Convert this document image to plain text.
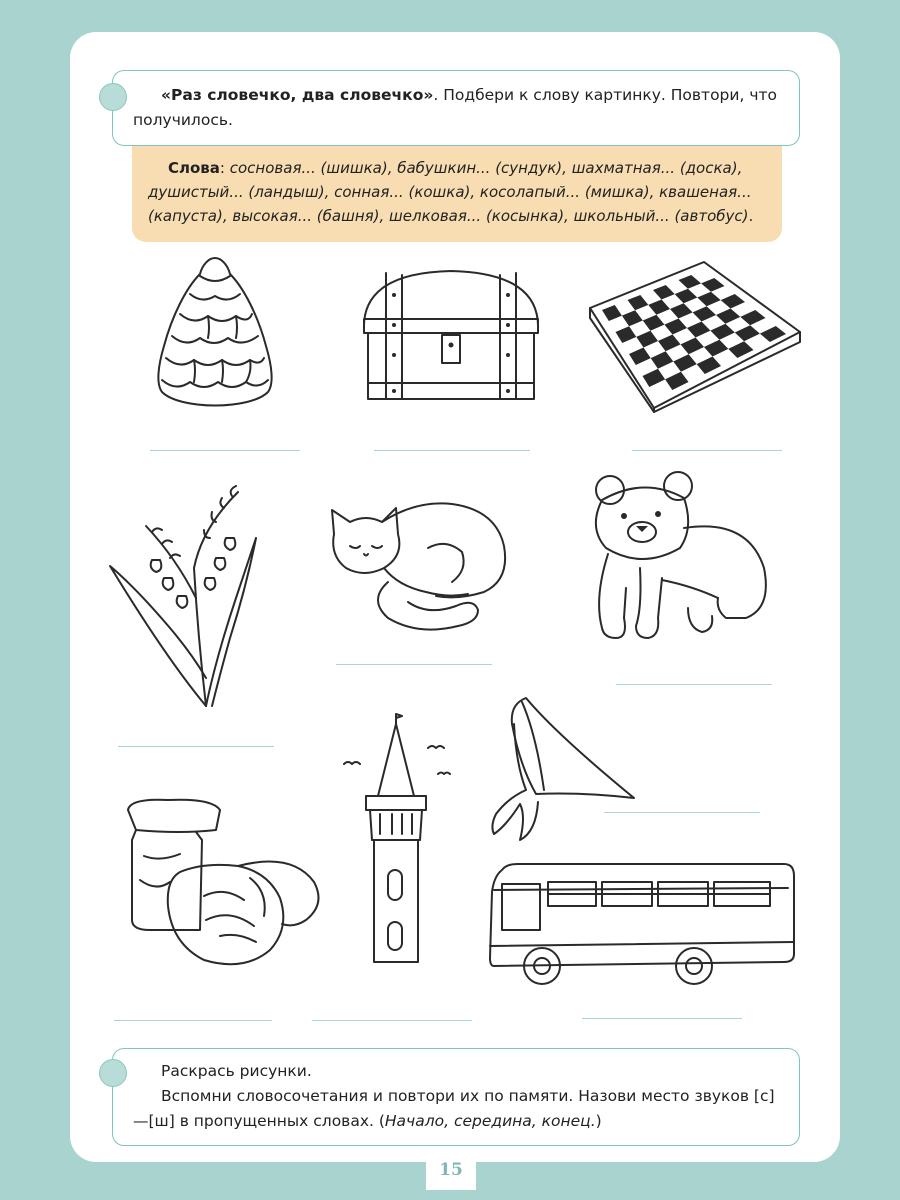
«Раз словечко, два словечко». Подбери к слову картинку. Повтори, что получилось.
Слова: сосновая... (шишка), бабушкин... (сундук), шахматная... (доска), душистый... (ландыш), сонная... (кошка), косолапый... (мишка), квашеная... (капуста), высокая... (башня), шелковая... (косынка), школьный... (автобус).

Раскрась рисунки.

Вспомни словосочетания и повтори их по памяти. Назови место звуков [с]—[ш] в пропущенных словах. (Начало, середина, конец.)

15
